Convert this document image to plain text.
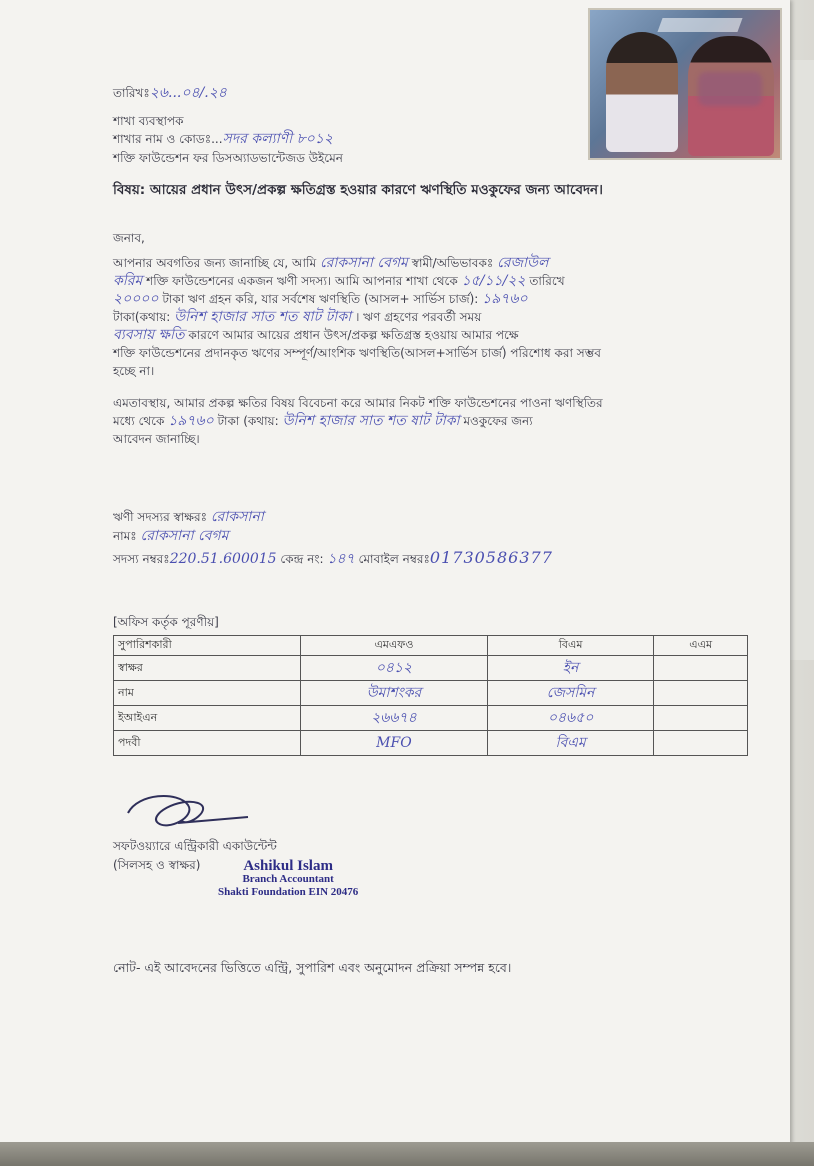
তারিখঃ২৬...০৪/.২৪
শাখা ব্যবস্থাপক
শাখার নাম ও কোডঃ...সদর কল্যাণী ৮০১২
শক্তি ফাউন্ডেশন ফর ডিসঅ্যাডভান্টেজড উইমেন
বিষয়: আয়ের প্রধান উৎস/প্রকল্প ক্ষতিগ্রস্ত হওয়ার কারণে ঋণস্থিতি মওকুফের জন্য আবেদন।
জনাব,
আপনার অবগতির জন্য জানাচ্ছি যে, আমি রোকসানা বেগম স্বামী/অভিভাবকঃ রেজাউল
করিম শক্তি ফাউন্ডেশনের একজন ঋণী সদস্য। আমি আপনার শাখা থেকে ১৫/১১/২২ তারিখে
২০০০০ টাকা ঋণ গ্রহন করি, যার সর্বশেষ ঋণস্থিতি (আসল+ সার্ভিস চার্জ): ১৯৭৬০
টাকা(কথায়: উনিশ হাজার সাত শত ষাট টাকা । ঋণ গ্রহণের পরবর্তী সময়
ব্যবসায় ক্ষতি কারণে আমার আয়ের প্রধান উৎস/প্রকল্প ক্ষতিগ্রস্ত হওয়ায় আমার পক্ষে
শক্তি ফাউন্ডেশনের প্রদানকৃত ঋণের সম্পূর্ণ/আংশিক ঋণস্থিতি(আসল+সার্ভিস চার্জ) পরিশোধ করা সম্ভব
হচ্ছে না।
এমতাবস্থায়, আমার প্রকল্প ক্ষতির বিষয় বিবেচনা করে আমার নিকট শক্তি ফাউন্ডেশনের পাওনা ঋণস্থিতির
মধ্যে থেকে ১৯৭৬০ টাকা (কথায়: উনিশ হাজার সাত শত ষাট টাকা মওকুফের জন্য
আবেদন জানাচ্ছি।
ঋণী সদস্যর স্বাক্ষরঃ রোকসানা
নামঃ রোকসানা বেগম
সদস্য নম্বরঃ220.51.600015 কেন্দ্র নং: ১৪৭ মোবাইল নম্বরঃ01730586377
[অফিস কর্তৃক পূরণীয়]
সুপারিশকারী	এমএফও	বিএম	এএম
স্বাক্ষর	০৪১২	ইন	
নাম	উমাশংকর	জেসমিন	
ইআইএন	২৬৬৭৪	০৪৬৫০	
পদবী	MFO	বিএম	
সফটওয়্যারে এন্ট্রিকারী একাউন্টেন্ট
(সিলসহ ও স্বাক্ষর)	Ashikul Islam
Branch Accountant
Shakti Foundation EIN 20476
নোট- এই আবেদনের ভিত্তিতে এন্ট্রি, সুপারিশ এবং অনুমোদন প্রক্রিয়া সম্পন্ন হবে।
